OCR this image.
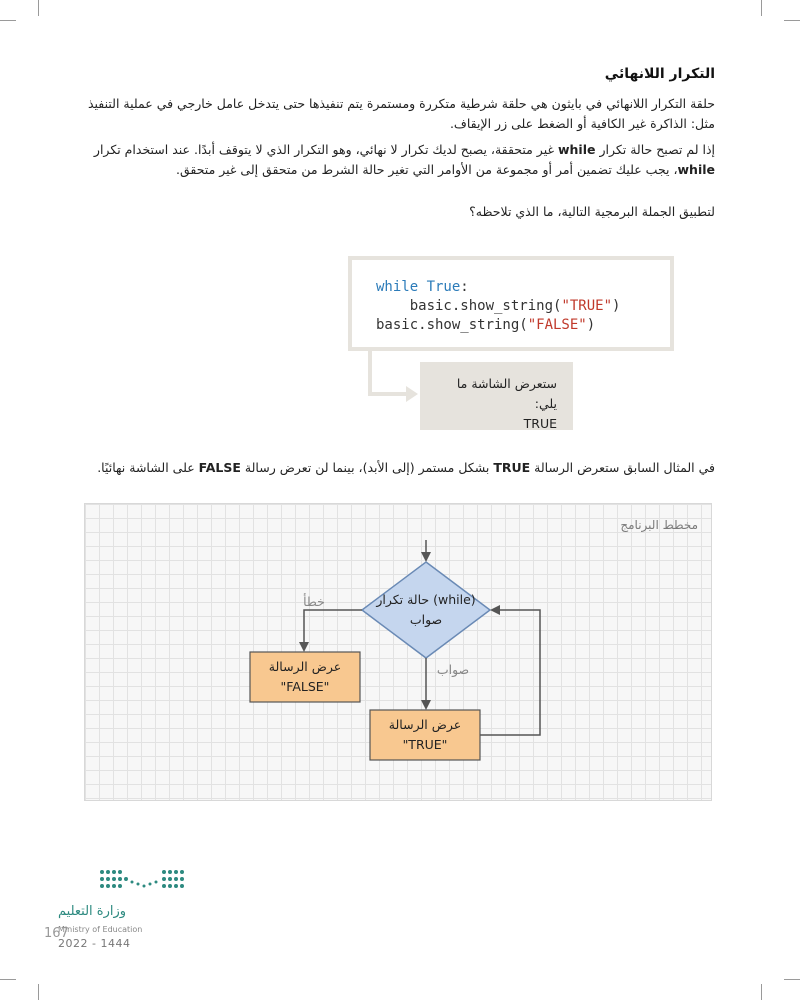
التكرار اللانهائي
حلقة التكرار اللانهائي في بايثون هي حلقة شرطية متكررة ومستمرة يتم تنفيذها حتى يتدخل عامل خارجي في عملية التنفيذ مثل: الذاكرة غير الكافية أو الضغط على زر الإيقاف.
إذا لم تصبح حالة تكرار while غير متحققة، يصبح لديك تكرار لا نهائي، وهو التكرار الذي لا يتوقف أبدًا. عند استخدام تكرار while، يجب عليك تضمين أمر أو مجموعة من الأوامر التي تغير حالة الشرط من متحقق إلى غير متحقق.
لتطبيق الجملة البرمجية التالية، ما الذي تلاحظه؟
while True:
basic.show_string("TRUE")
basic.show_string("FALSE")
ستعرض الشاشة ما يلي:
TRUE
في المثال السابق ستعرض الرسالة TRUE بشكل مستمر (إلى الأبد)، بينما لن تعرض رسالة FALSE على الشاشة نهائيًا.
مخطط البرنامج
حالة تكرار (while)
صواب
خطأ
صواب
عرض الرسالة
"FALSE"
عرض الرسالة
"TRUE"
وزارة التعليم
Ministry of Education
167
2022 - 1444
